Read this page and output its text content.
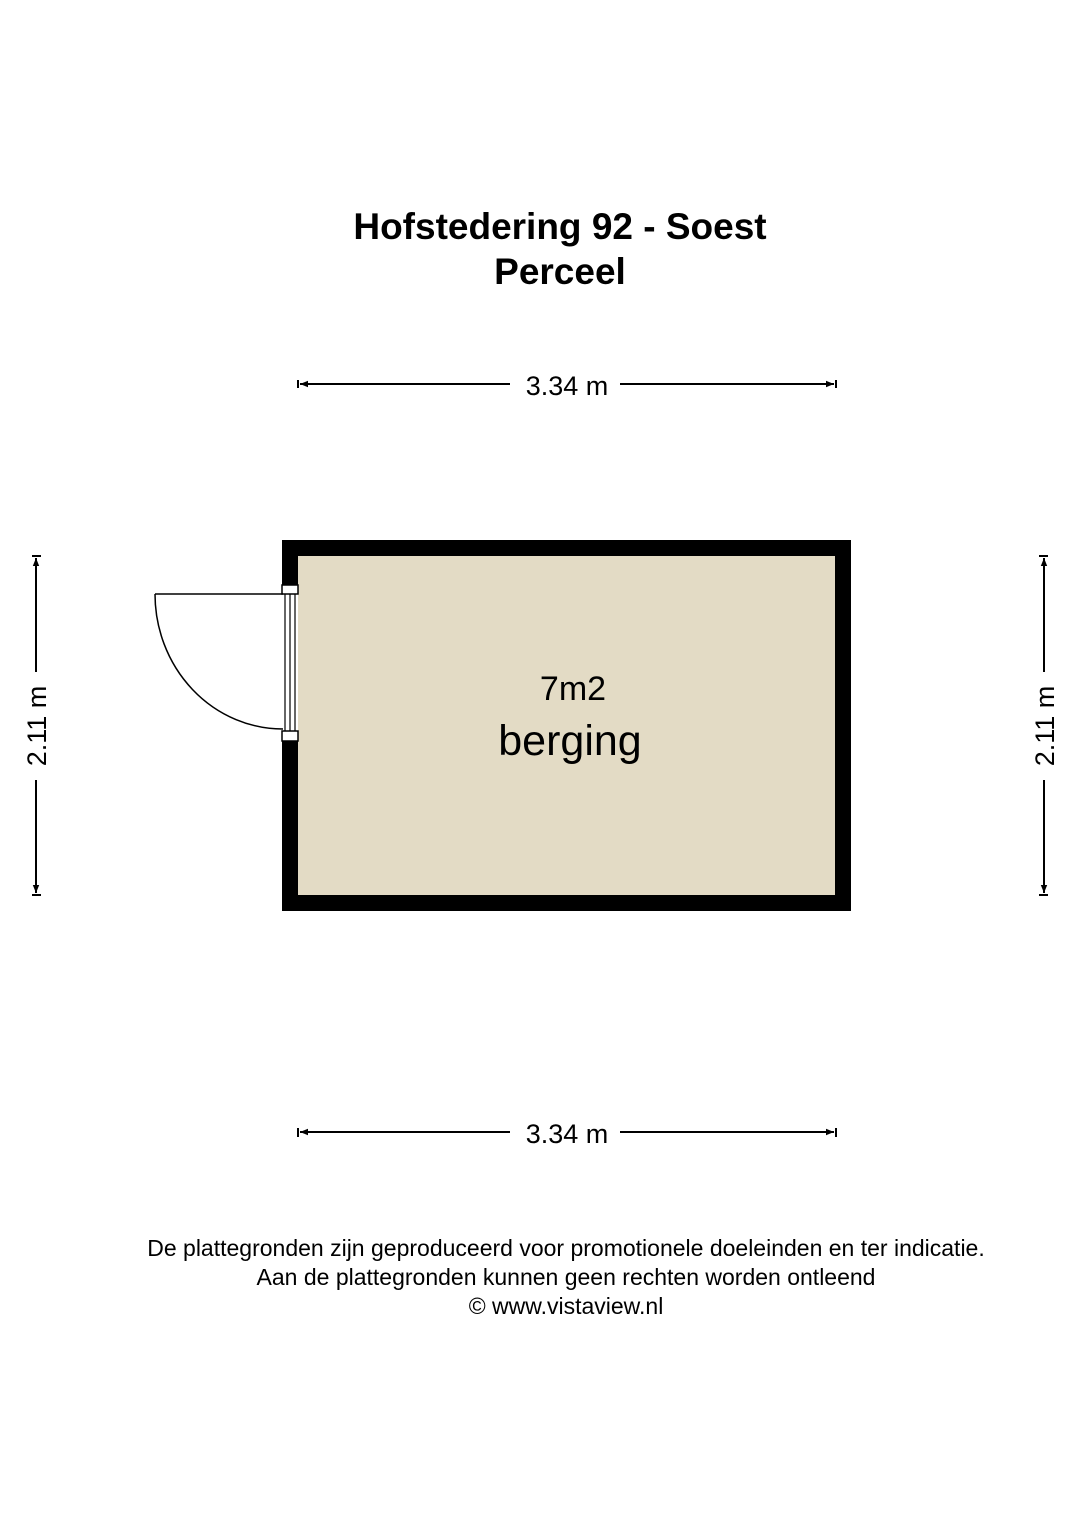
Hofstedering 92 - Soest
Perceel
3.34 m
3.34 m
2.11 m	2.11 m
7m2
berging
De plattegronden zijn geproduceerd voor promotionele doeleinden en ter indicatie.
Aan de plattegronden kunnen geen rechten worden ontleend
© www.vistaview.nl
